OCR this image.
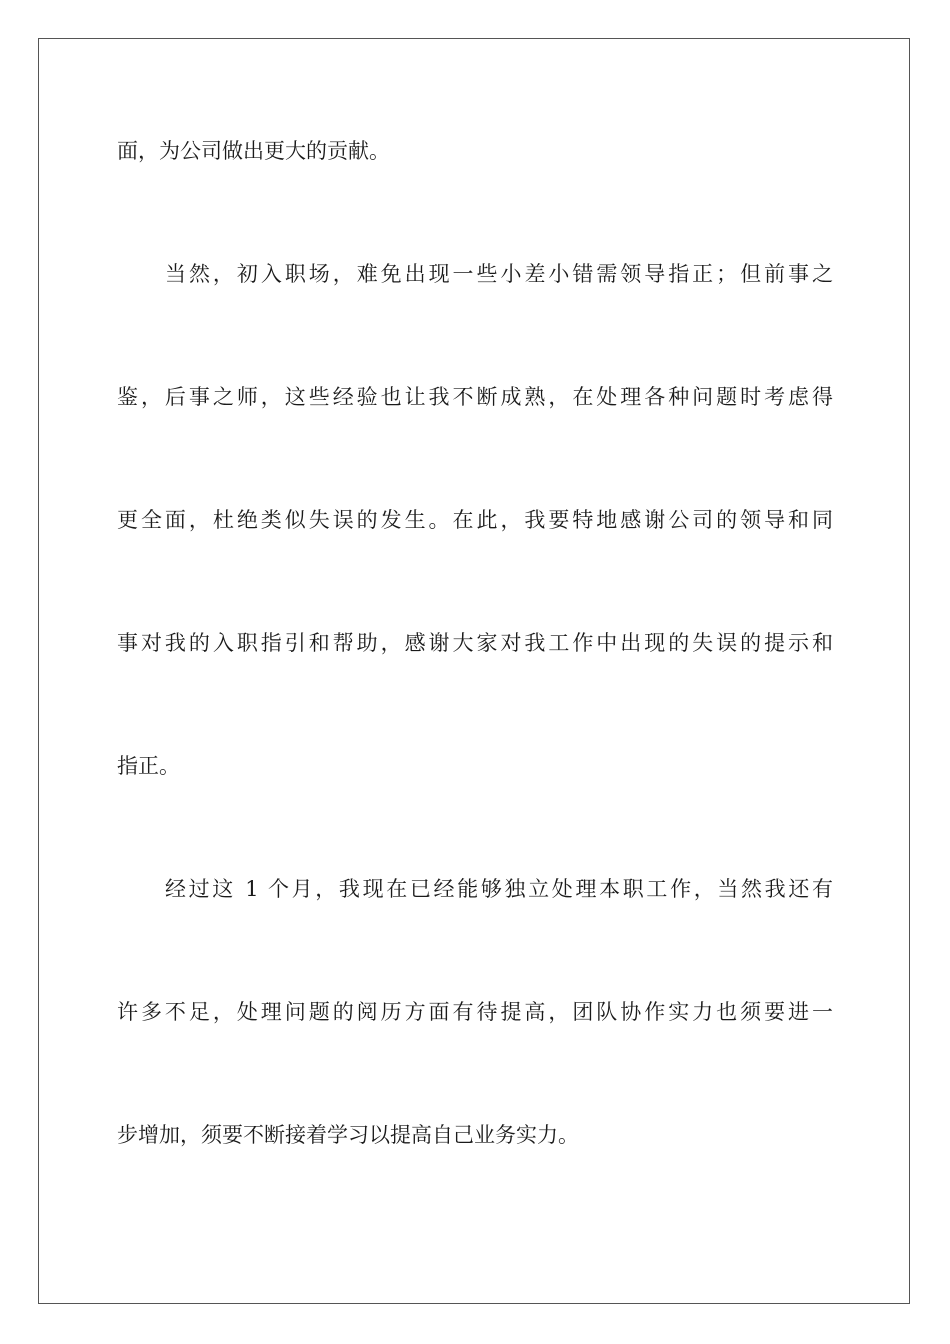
面，为公司做出更大的贡献。
当然，初入职场，难免出现一些小差小错需领导指正；但前事之
鉴，后事之师，这些经验也让我不断成熟，在处理各种问题时考虑得
更全面，杜绝类似失误的发生。在此，我要特地感谢公司的领导和同
事对我的入职指引和帮助，感谢大家对我工作中出现的失误的提示和
指正。
经过这 1 个月，我现在已经能够独立处理本职工作，当然我还有
许多不足，处理问题的阅历方面有待提高，团队协作实力也须要进一
步增加，须要不断接着学习以提高自己业务实力。
